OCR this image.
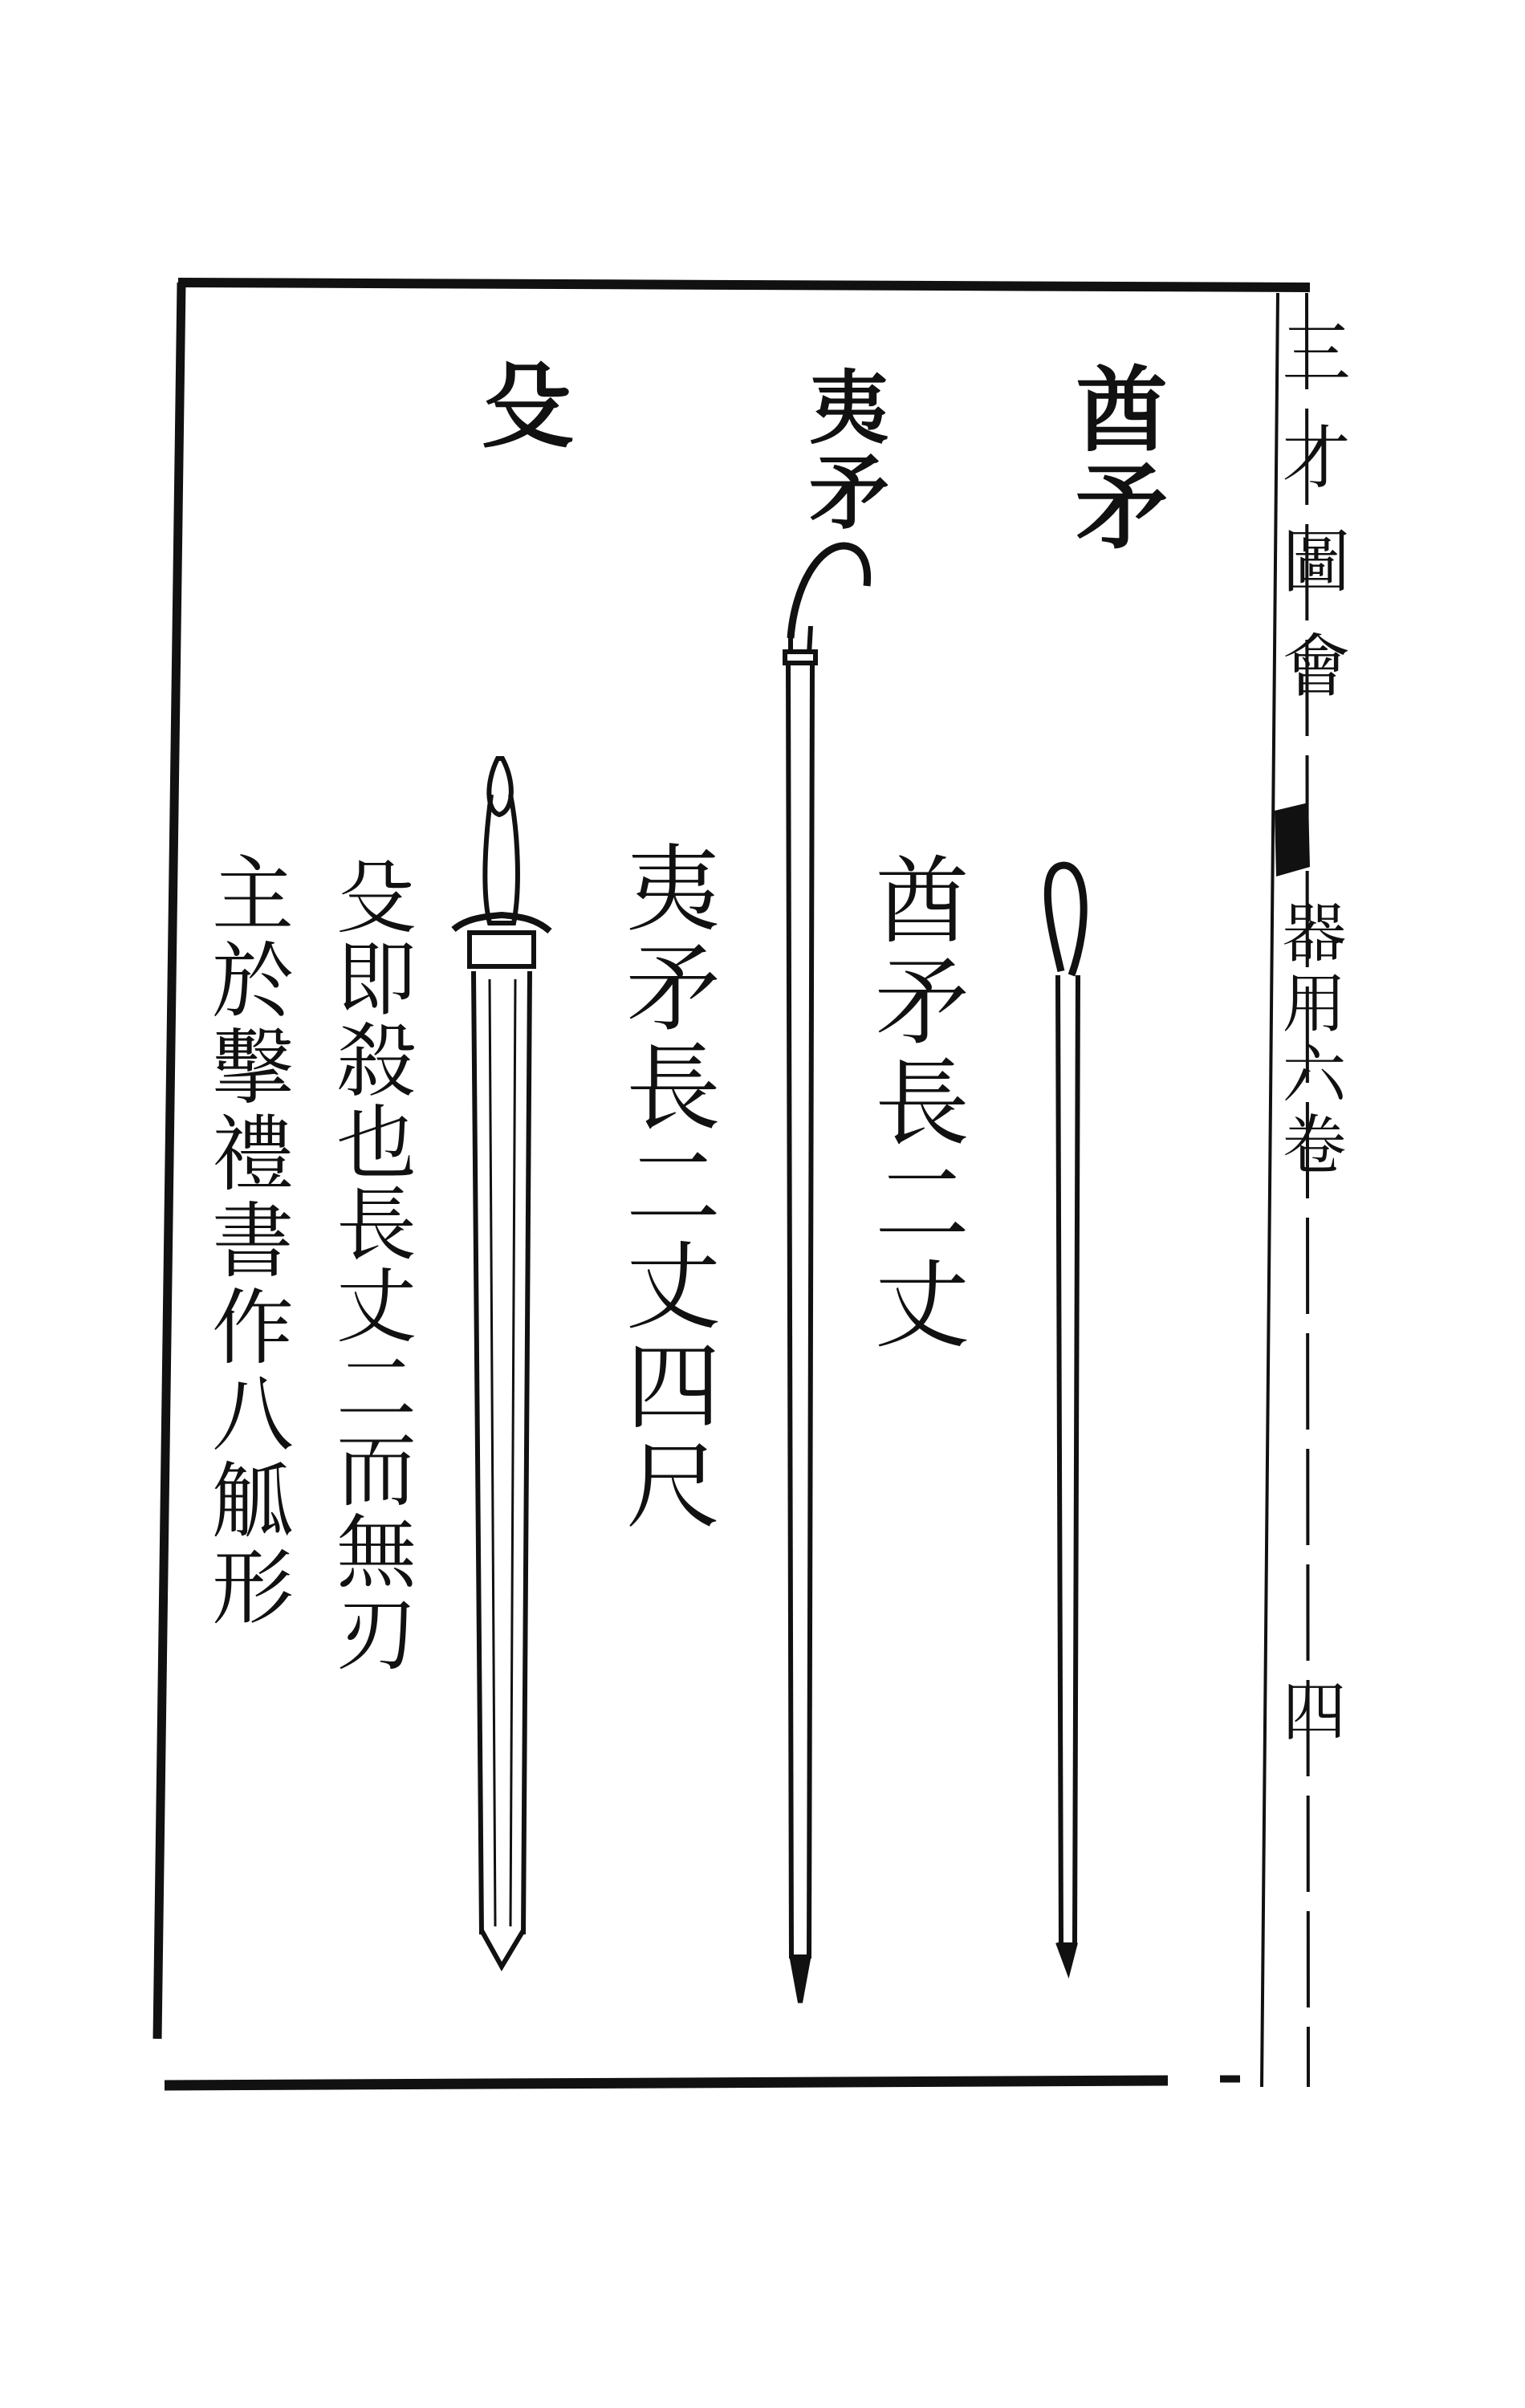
酋矛
夷矛
殳
酋矛長二丈
夷矛長二丈四尺
殳即殺也長丈二而無刃
主於擊禮書作八觚形
三才圖會
器用六卷
四
